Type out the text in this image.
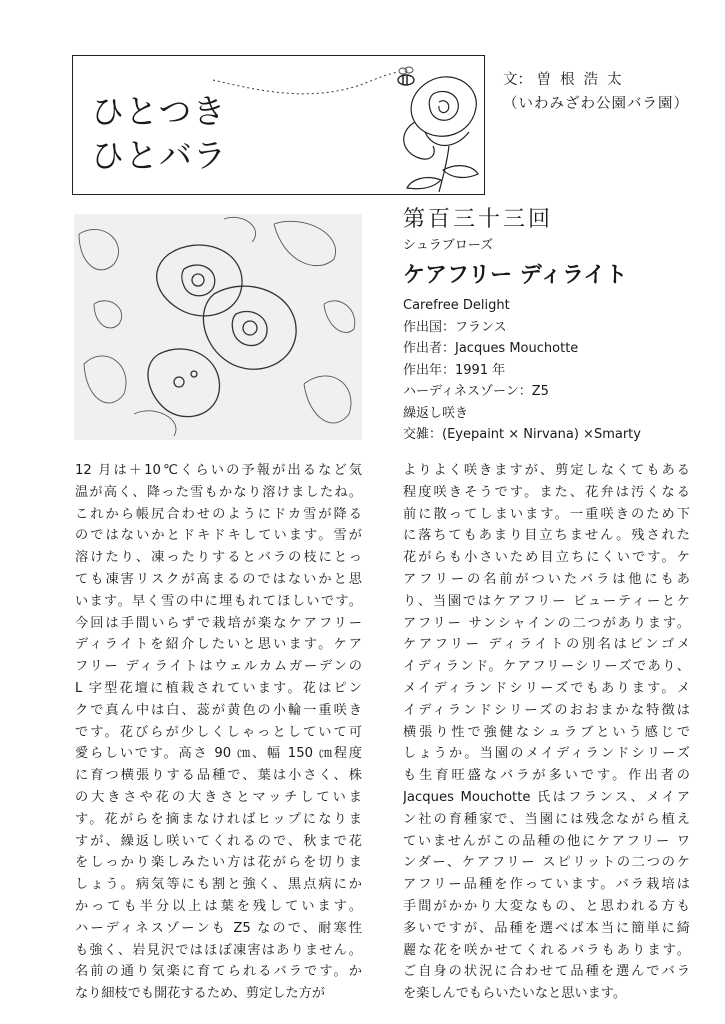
ひとつき
ひとバラ
文： 曽根浩太
（いわみざわ公園バラ園）
第百三十三回
シュラブローズ
ケアフリー ディライト
Carefree Delight
作出国：フランス
作出者：Jacques Mouchotte
作出年：1991 年
ハーディネスゾーン：Z5
繰返し咲き
交雑：(Eyepaint × Nirvana) ×Smarty
12 月は＋10℃くらいの予報が出るなど気
温が高く、降った雪もかなり溶けましたね。
これから帳尻合わせのようにドカ雪が降る
のではないかとドキドキしています。雪が
溶けたり、凍ったりするとバラの枝にとっ
ても凍害リスクが高まるのではないかと思
います。早く雪の中に埋もれてほしいです。
今回は手間いらずで栽培が楽なケアフリー
ディライトを紹介したいと思います。ケア
フリー ディライトはウェルカムガーデンの
L 字型花壇に植栽されています。花はピン
クで真ん中は白、蕊が黄色の小輪一重咲き
です。花びらが少しくしゃっとしていて可
愛らしいです。高さ 90 ㎝、幅 150 ㎝程度
に育つ横張りする品種で、葉は小さく、株
の大きさや花の大きさとマッチしていま
す。花がらを摘まなければヒップになりま
すが、繰返し咲いてくれるので、秋まで花
をしっかり楽しみたい方は花がらを切りま
しょう。病気等にも割と強く、黒点病にか
かっても半分以上は葉を残しています。
ハーディネスゾーンも Z5 なので、耐寒性
も強く、岩見沢ではほぼ凍害はありません。
名前の通り気楽に育てられるバラです。か
なり細枝でも開花するため、剪定した方が
よりよく咲きますが、剪定しなくてもある
程度咲きそうです。また、花弁は汚くなる
前に散ってしまいます。一重咲きのため下
に落ちてもあまり目立ちません。残された
花がらも小さいため目立ちにくいです。ケ
アフリーの名前がついたバラは他にもあ
り、当園ではケアフリー ビューティーとケ
アフリー サンシャインの二つがあります。
ケアフリー ディライトの別名はビンゴメ
イディランド。ケアフリーシリーズであり、
メイディランドシリーズでもあります。メ
イディランドシリーズのおおまかな特徴は
横張り性で強健なシュラブという感じで
しょうか。当園のメイディランドシリーズ
も生育旺盛なバラが多いです。作出者の
Jacques Mouchotte 氏はフランス、メイア
ン社の育種家で、当園には残念ながら植え
ていませんがこの品種の他にケアフリー ワ
ンダー、ケアフリー スピリットの二つのケ
アフリー品種を作っています。バラ栽培は
手間がかかり大変なもの、と思われる方も
多いですが、品種を選べば本当に簡単に綺
麗な花を咲かせてくれるバラもあります。
ご自身の状況に合わせて品種を選んでバラ
を楽しんでもらいたいなと思います。
